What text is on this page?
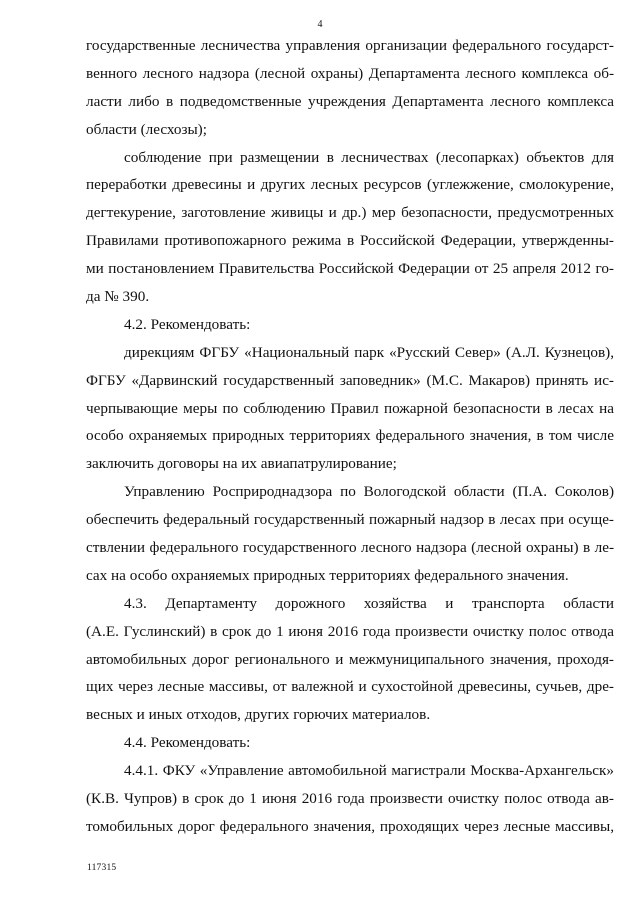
4
государственные лесничества управления организации федерального государст-
венного лесного надзора (лесной охраны) Департамента лесного комплекса об-
ласти либо в подведомственные учреждения Департамента лесного комплекса
области (лесхозы);
соблюдение при размещении в лесничествах (лесопарках) объектов для
переработки древесины и других лесных ресурсов (углежжение, смолокурение,
дегтекурение, заготовление живицы и др.) мер безопасности, предусмотренных
Правилами противопожарного режима в Российской Федерации, утвержденны-
ми постановлением Правительства Российской Федерации от 25 апреля 2012 го-
да № 390.
4.2. Рекомендовать:
дирекциям ФГБУ «Национальный парк «Русский Север» (А.Л. Кузнецов),
ФГБУ «Дарвинский государственный заповедник» (М.С. Макаров) принять ис-
черпывающие меры по соблюдению Правил пожарной безопасности в лесах на
особо охраняемых природных территориях федерального значения, в том числе
заключить договоры на их авиапатрулирование;
Управлению Росприроднадзора по Вологодской области (П.А. Соколов)
обеспечить федеральный государственный пожарный надзор в лесах при осуще-
ствлении федерального государственного лесного надзора (лесной охраны) в ле-
сах на особо охраняемых природных территориях федерального значения.
4.3. Департаменту дорожного хозяйства и транспорта области
(А.Е. Гуслинский) в срок до 1 июня 2016 года произвести очистку полос отвода
автомобильных дорог регионального и межмуниципального значения, проходя-
щих через лесные массивы, от валежной и сухостойной древесины, сучьев, дре-
весных и иных отходов, других горючих материалов.
4.4. Рекомендовать:
4.4.1. ФКУ «Управление автомобильной магистрали Москва-Архангельск»
(К.В. Чупров) в срок до 1 июня 2016 года произвести очистку полос отвода ав-
томобильных дорог федерального значения, проходящих через лесные массивы,
117315
